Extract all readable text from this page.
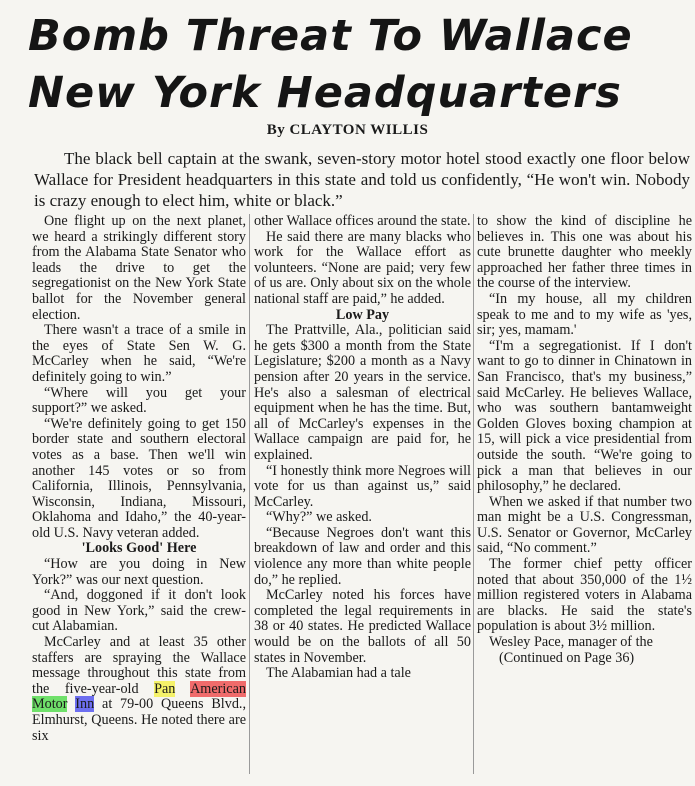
Bomb Threat To Wallace New York Headquarters
By CLAYTON WILLIS

The black bell captain at the swank, seven-story motor hotel stood exactly one floor below Wallace for President headquarters in this state and told us confidently, “He won't win. Nobody is crazy enough to elect him, white or black.”

One flight up on the next planet, we heard a strikingly different story from the Alabama State Senator who leads the drive to get the segregationist on the New York State ballot for the November general election.

There wasn't a trace of a smile in the eyes of State Sen W. G. McCarley when he said, “We're definitely going to win.”

“Where will you get your support?” we asked.

“We're definitely going to get 150 border state and southern electoral votes as a base. Then we'll win another 145 votes or so from California, Illinois, Pennsylvania, Wisconsin, Indiana, Missouri, Oklahoma and Idaho,” the 40-year-old U.S. Navy veteran added.

'Looks Good' Here

“How are you doing in New York?” was our next question.

“And, doggoned if it don't look good in New York,” said the crew-cut Alabamian.

McCarley and at least 35 other staffers are spraying the Wallace message throughout this state from the five-year-old Pan American Motor Inn at 79-00 Queens Blvd., Elmhurst, Queens. He noted there are six

other Wallace offices around the state.

He said there are many blacks who work for the Wallace effort as volunteers. “None are paid; very few of us are. Only about six on the whole national staff are paid,” he added.

Low Pay

The Prattville, Ala., politician said he gets $300 a month from the State Legislature; $200 a month as a Navy pension after 20 years in the service. He's also a salesman of electrical equipment when he has the time. But, all of McCarley's expenses in the Wallace campaign are paid for, he explained.

“I honestly think more Negroes will vote for us than against us,” said McCarley.

“Why?” we asked.

“Because Negroes don't want this breakdown of law and order and this violence any more than white people do,” he replied.

McCarley noted his forces have completed the legal requirements in 38 or 40 states. He predicted Wallace would be on the ballots of all 50 states in November.

The Alabamian had a tale

to show the kind of discipline he believes in. This one was about his cute brunette daughter who meekly approached her father three times in the course of the interview.

“In my house, all my children speak to me and to my wife as 'yes, sir; yes, mamam.'

“I'm a segregationist. If I don't want to go to dinner in Chinatown in San Francisco, that's my business,” said McCarley. He believes Wallace, who was southern bantamweight Golden Gloves boxing champion at 15, will pick a vice presidential from outside the south. “We're going to pick a man that believes in our philosophy,” he declared.

When we asked if that number two man might be a U.S. Congressman, U.S. Senator or Governor, McCarley said, “No comment.”

The former chief petty officer noted that about 350,000 of the 1½ million registered voters in Alabama are blacks. He said the state's population is about 3½ million.

Wesley Pace, manager of the

(Continued on Page 36)
